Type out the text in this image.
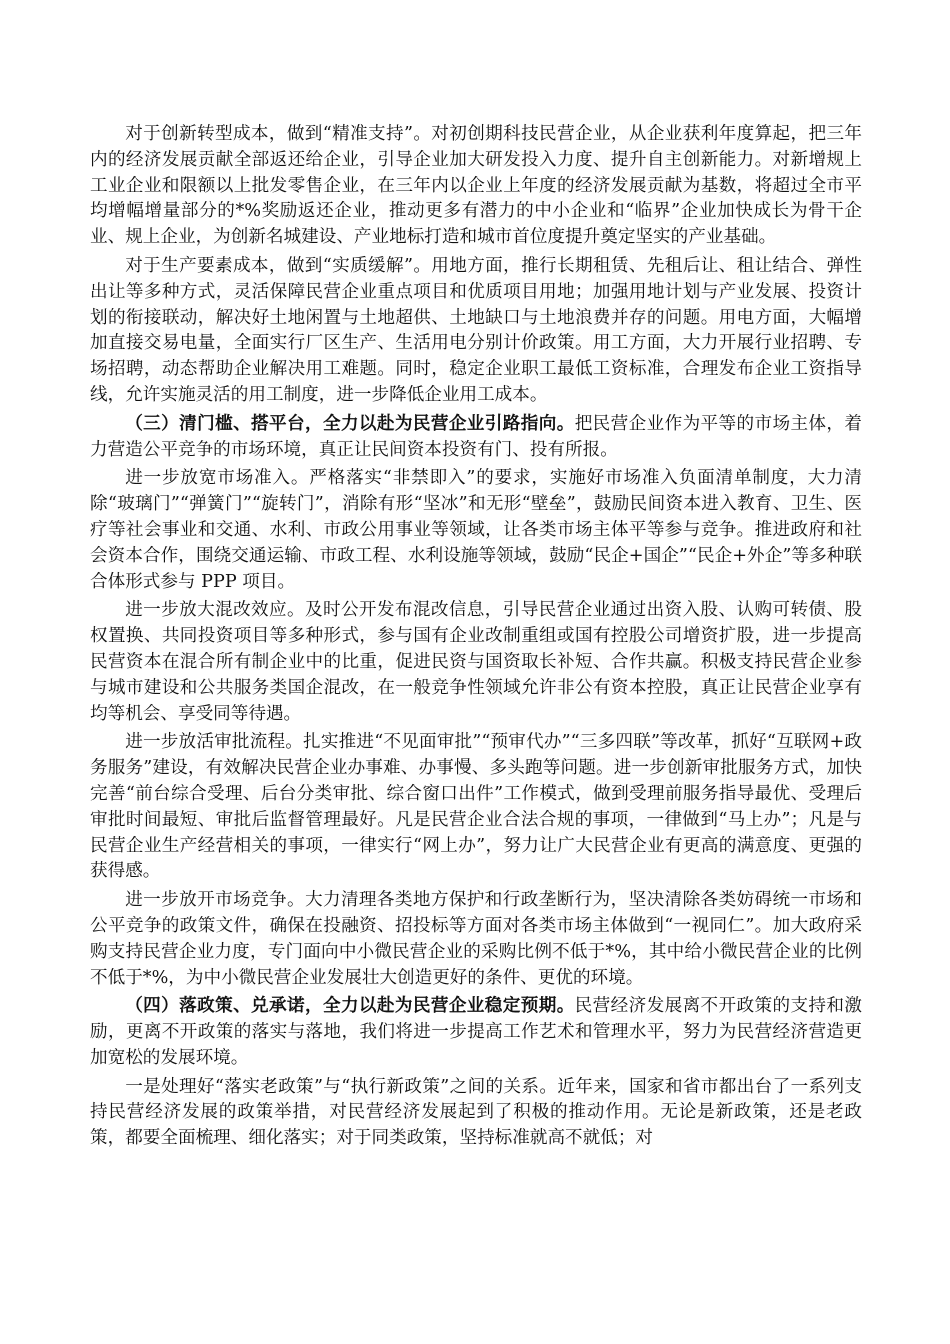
对于创新转型成本，做到“精准支持”。对初创期科技民营企业，从企业获利年度算起，把三年内的经济发展贡献全部返还给企业，引导企业加大研发投入力度、提升自主创新能力。对新增规上工业企业和限额以上批发零售企业，在三年内以企业上年度的经济发展贡献为基数，将超过全市平均增幅增量部分的*%奖励返还企业，推动更多有潜力的中小企业和“临界”企业加快成长为骨干企业、规上企业，为创新名城建设、产业地标打造和城市首位度提升奠定坚实的产业基础。

对于生产要素成本，做到“实质缓解”。用地方面，推行长期租赁、先租后让、租让结合、弹性出让等多种方式，灵活保障民营企业重点项目和优质项目用地；加强用地计划与产业发展、投资计划的衔接联动，解决好土地闲置与土地超供、土地缺口与土地浪费并存的问题。用电方面，大幅增加直接交易电量，全面实行厂区生产、生活用电分别计价政策。用工方面，大力开展行业招聘、专场招聘，动态帮助企业解决用工难题。同时，稳定企业职工最低工资标准，合理发布企业工资指导线，允许实施灵活的用工制度，进一步降低企业用工成本。

（三）清门槛、搭平台，全力以赴为民营企业引路指向。把民营企业作为平等的市场主体，着力营造公平竞争的市场环境，真正让民间资本投资有门、投有所报。

进一步放宽市场准入。严格落实“非禁即入”的要求，实施好市场准入负面清单制度，大力清除“玻璃门”“弹簧门”“旋转门”，消除有形“坚冰”和无形“壁垒”，鼓励民间资本进入教育、卫生、医疗等社会事业和交通、水利、市政公用事业等领域，让各类市场主体平等参与竞争。推进政府和社会资本合作，围绕交通运输、市政工程、水利设施等领域，鼓励“民企+国企”“民企+外企”等多种联合体形式参与 PPP 项目。

进一步放大混改效应。及时公开发布混改信息，引导民营企业通过出资入股、认购可转债、股权置换、共同投资项目等多种形式，参与国有企业改制重组或国有控股公司增资扩股，进一步提高民营资本在混合所有制企业中的比重，促进民资与国资取长补短、合作共赢。积极支持民营企业参与城市建设和公共服务类国企混改，在一般竞争性领域允许非公有资本控股，真正让民营企业享有均等机会、享受同等待遇。

进一步放活审批流程。扎实推进“不见面审批”“预审代办”“三多四联”等改革，抓好“互联网+政务服务”建设，有效解决民营企业办事难、办事慢、多头跑等问题。进一步创新审批服务方式，加快完善“前台综合受理、后台分类审批、综合窗口出件”工作模式，做到受理前服务指导最优、受理后审批时间最短、审批后监督管理最好。凡是民营企业合法合规的事项，一律做到“马上办”；凡是与民营企业生产经营相关的事项，一律实行“网上办”，努力让广大民营企业有更高的满意度、更强的获得感。

进一步放开市场竞争。大力清理各类地方保护和行政垄断行为，坚决清除各类妨碍统一市场和公平竞争的政策文件，确保在投融资、招投标等方面对各类市场主体做到“一视同仁”。加大政府采购支持民营企业力度，专门面向中小微民营企业的采购比例不低于*%，其中给小微民营企业的比例不低于*%，为中小微民营企业发展壮大创造更好的条件、更优的环境。

（四）落政策、兑承诺，全力以赴为民营企业稳定预期。民营经济发展离不开政策的支持和激励，更离不开政策的落实与落地，我们将进一步提高工作艺术和管理水平，努力为民营经济营造更加宽松的发展环境。

一是处理好“落实老政策”与“执行新政策”之间的关系。近年来，国家和省市都出台了一系列支持民营经济发展的政策举措，对民营经济发展起到了积极的推动作用。无论是新政策，还是老政策，都要全面梳理、细化落实；对于同类政策，坚持标准就高不就低；对
